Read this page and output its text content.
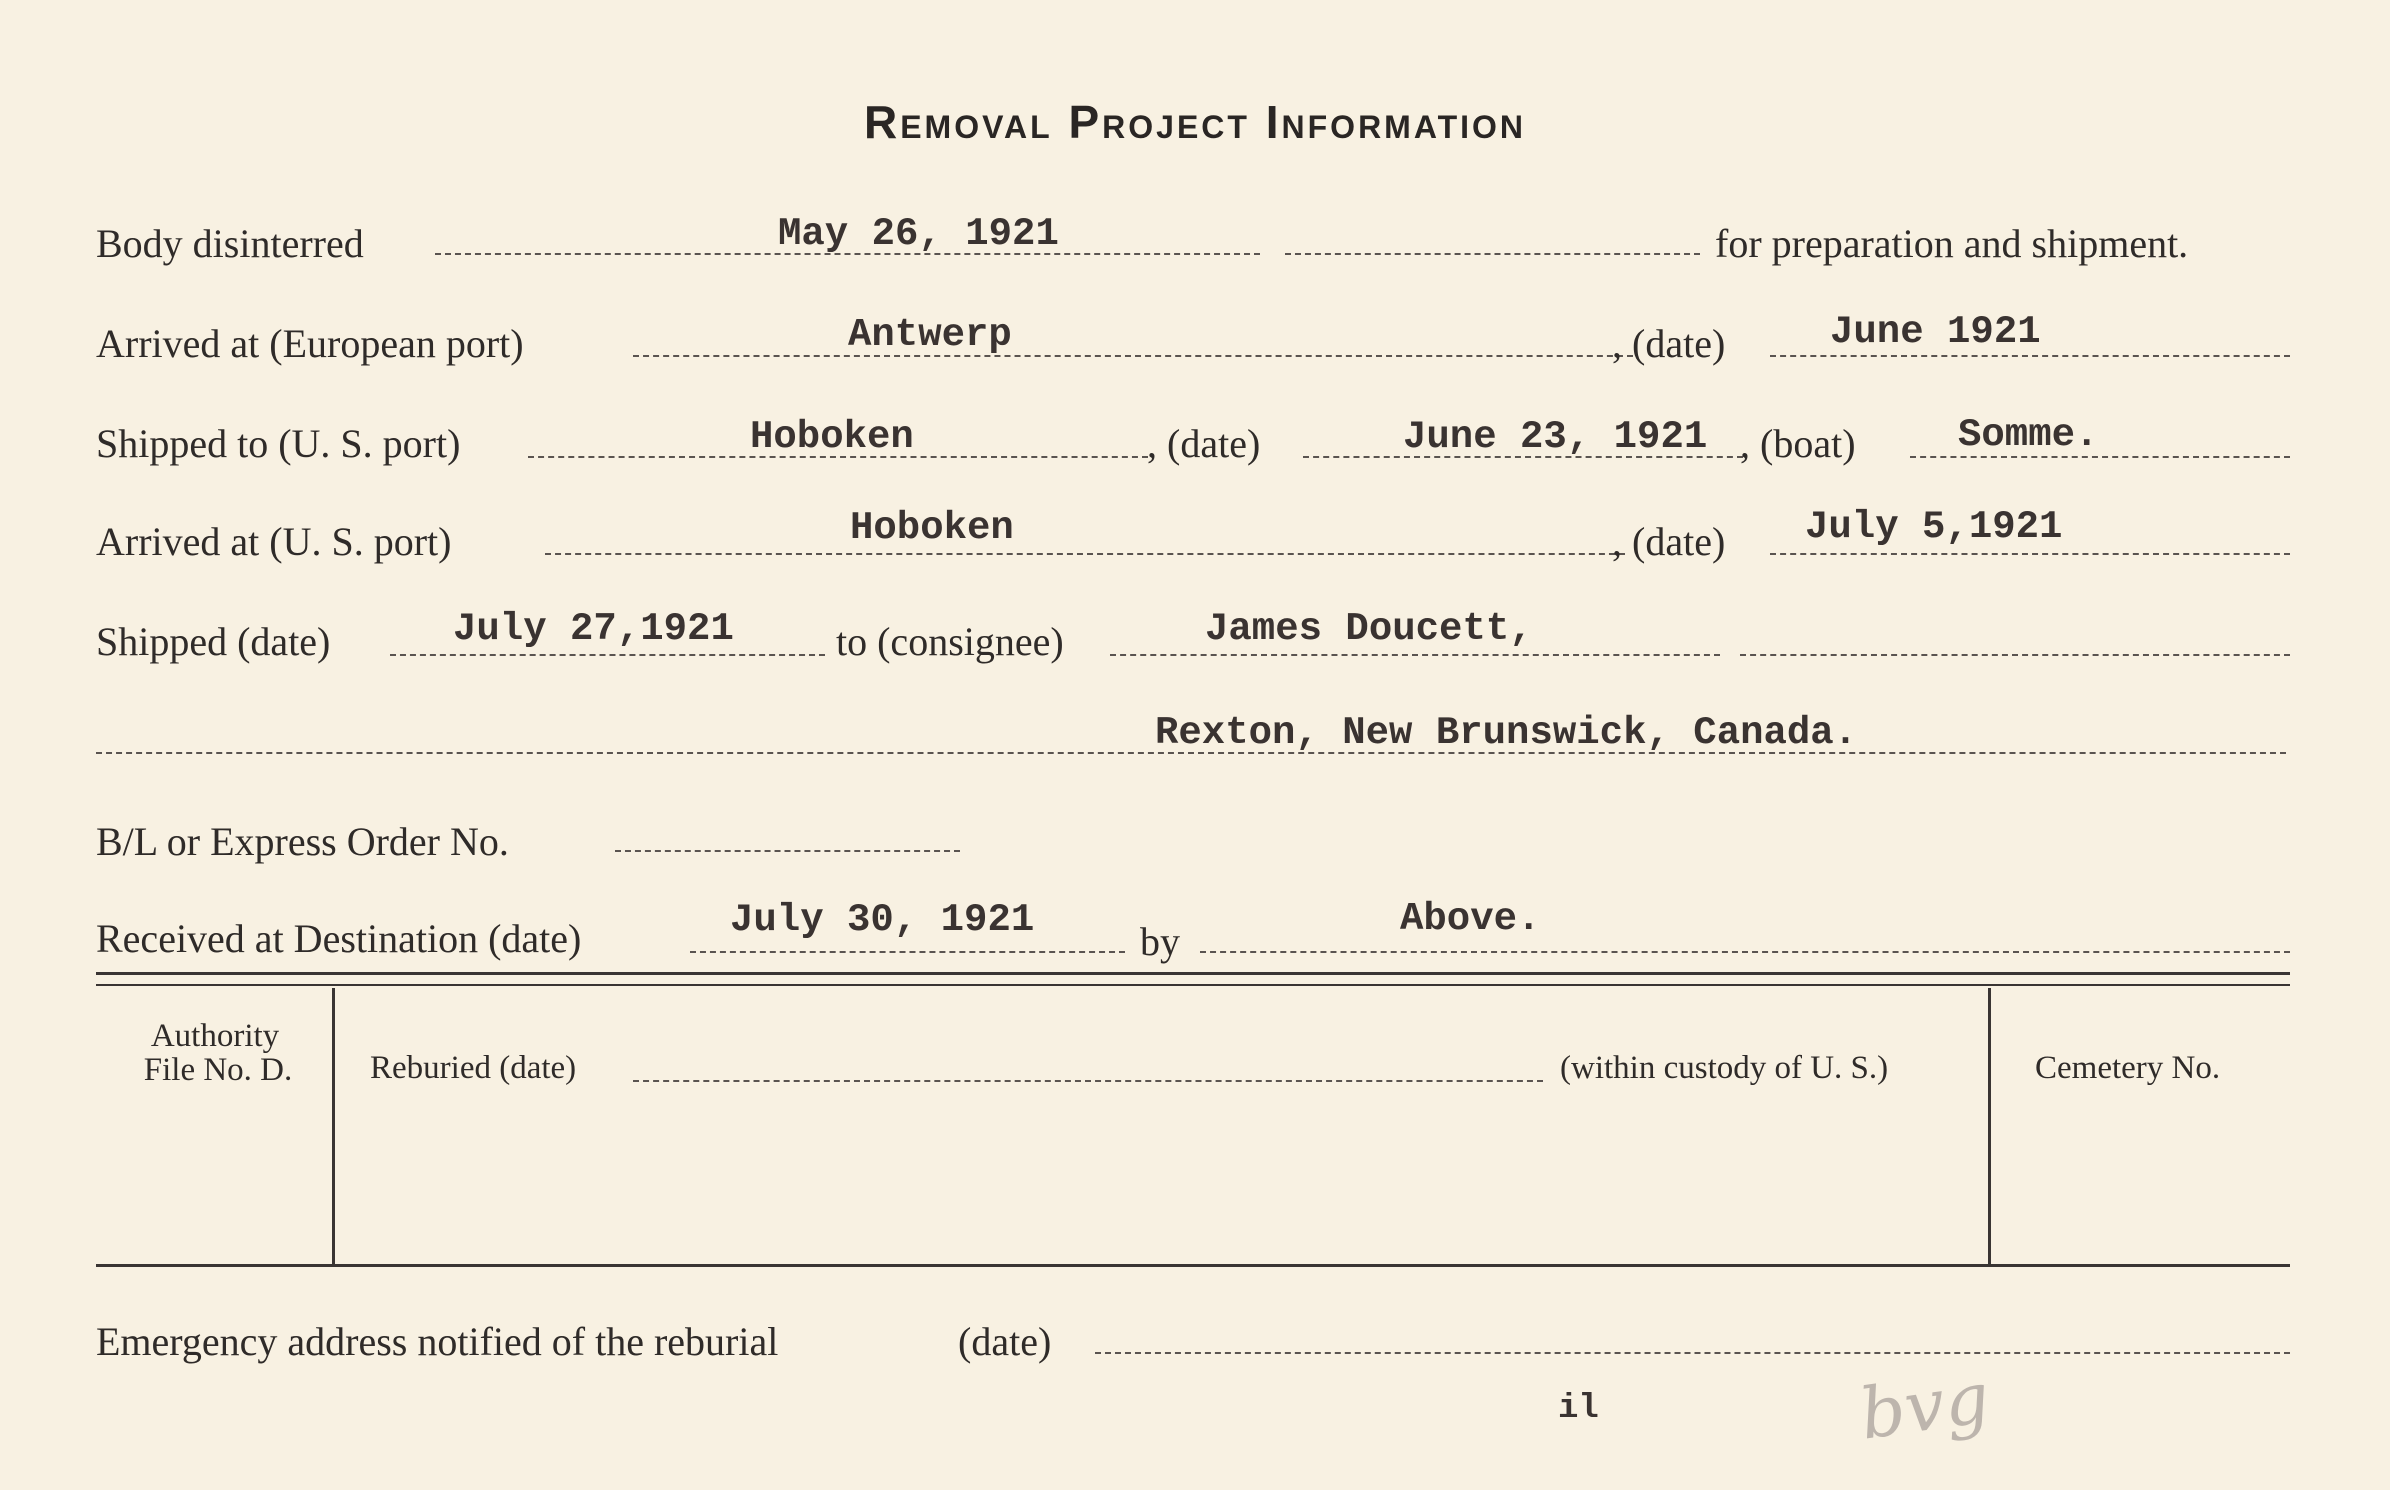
Removal Project Information
Body disinterred	May 26, 1921	for preparation and shipment.
Arrived at (European port)	Antwerp	, (date)	June 1921
Shipped to (U. S. port)	Hoboken	, (date)	June 23, 1921 , (boat)	Somme.
Arrived at (U. S. port)	Hoboken	, (date) July 5,1921
Shipped (date)	July 27,1921	to (consignee)	James Doucett,
Rexton, New Brunswick, Canada.
B/L or Express Order No.
Received at Destination (date)	July 30, 1921	by	Above.
Authority
File No. D.	Reburied (date)	(within custody of U. S.)	Cemetery No.
Emergency address notified of the reburial	(date)
il	bvg
